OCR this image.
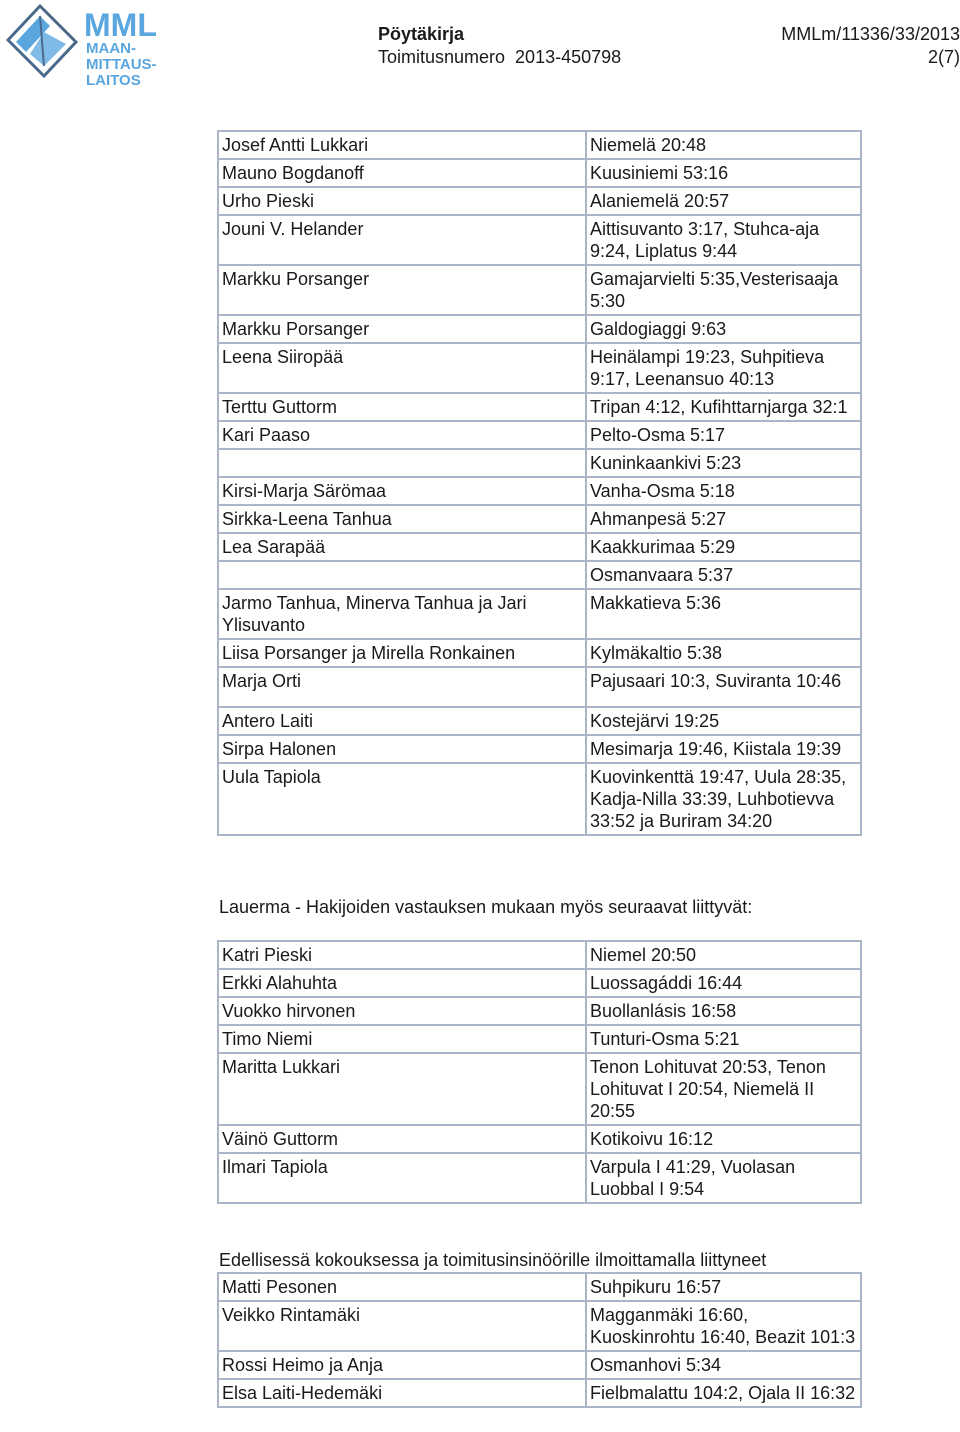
MML
MAAN-
MITTAUS-
LAITOS
Pöytäkirja	MMLm/11336/33/2013
Toimitusnumero  2013-450798	2(7)
Josef Antti Lukkari	Niemelä 20:48
Mauno Bogdanoff	Kuusiniemi 53:16
Urho Pieski	Alaniemelä 20:57
Jouni V. Helander	Aittisuvanto 3:17, Stuhca-aja 9:24, Liplatus 9:44
Markku Porsanger	Gamajarvielti 5:35,Vesterisaaja 5:30
Markku Porsanger	Galdogiaggi 9:63
Leena Siiropää	Heinälampi 19:23, Suhpitieva 9:17, Leenansuo 40:13
Terttu Guttorm	Tripan 4:12, Kufihttarnjarga 32:1
Kari Paaso	Pelto-Osma 5:17
	Kuninkaankivi 5:23
Kirsi-Marja Särömaa	Vanha-Osma 5:18
Sirkka-Leena Tanhua	Ahmanpesä 5:27
Lea Sarapää	Kaakkurimaa 5:29
	Osmanvaara 5:37
Jarmo Tanhua, Minerva Tanhua ja Jari Ylisuvanto	Makkatieva 5:36
Liisa Porsanger ja Mirella Ronkainen	Kylmäkaltio 5:38
Marja Orti	Pajusaari 10:3, Suviranta 10:46
Antero Laiti	Kostejärvi 19:25
Sirpa Halonen	Mesimarja 19:46, Kiistala 19:39
Uula Tapiola	Kuovinkenttä 19:47, Uula 28:35, Kadja-Nilla 33:39, Luhbotievva 33:52 ja Buriram 34:20
Lauerma - Hakijoiden vastauksen mukaan myös seuraavat liittyvät:
Katri Pieski	Niemel 20:50
Erkki Alahuhta	Luossagáddi 16:44
Vuokko hirvonen	Buollanlásis 16:58
Timo Niemi	Tunturi-Osma 5:21
Maritta Lukkari	Tenon Lohituvat 20:53, Tenon Lohituvat I 20:54, Niemelä II 20:55
Väinö Guttorm	Kotikoivu 16:12
Ilmari Tapiola	Varpula I 41:29, Vuolasan Luobbal I 9:54
Edellisessä kokouksessa ja toimitusinsinöörille ilmoittamalla liittyneet
Matti Pesonen	Suhpikuru 16:57
Veikko Rintamäki	Magganmäki 16:60, Kuoskinrohtu 16:40, Beazit 101:3
Rossi Heimo ja Anja	Osmanhovi 5:34
Elsa Laiti-Hedemäki	Fielbmalattu 104:2, Ojala II 16:32
